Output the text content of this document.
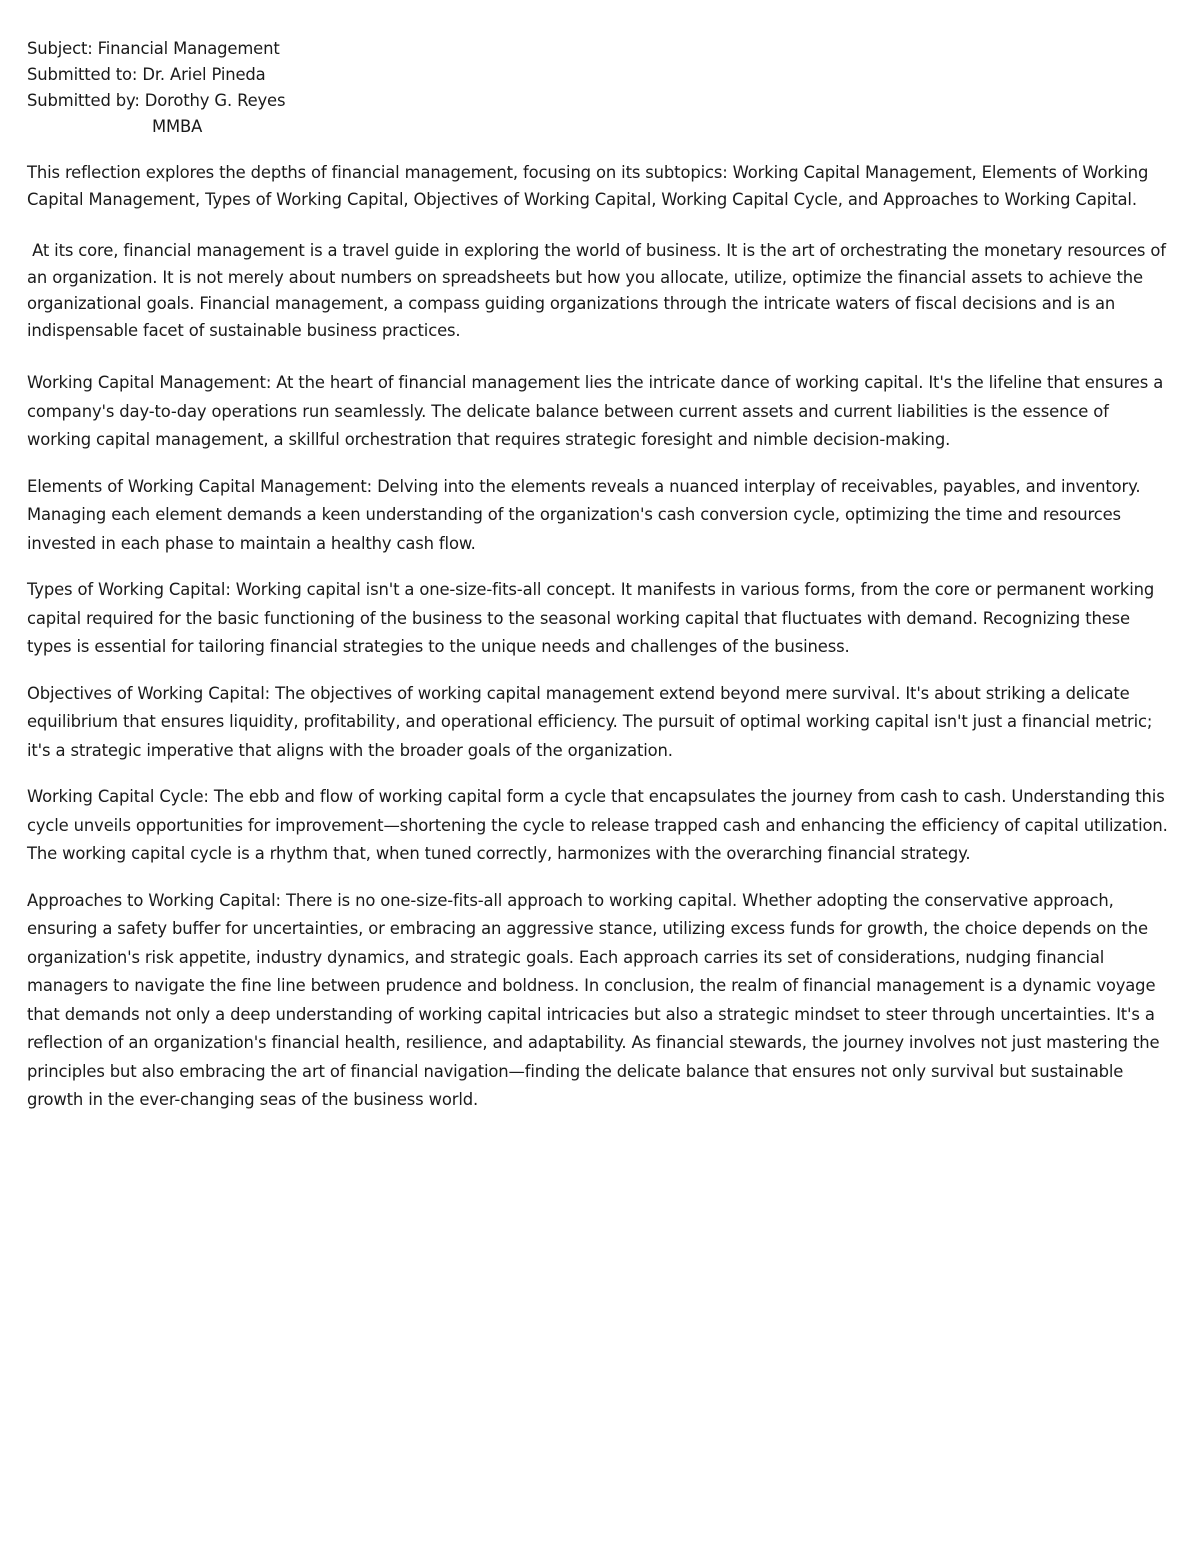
Subject: Financial Management

Submitted to: Dr. Ariel Pineda

Submitted by: Dorothy G. Reyes

MMBA

This reflection explores the depths of financial management, focusing on its subtopics: Working Capital Management, Elements of Working Capital Management, Types of Working Capital, Objectives of Working Capital, Working Capital Cycle, and Approaches to Working Capital.

At its core, financial management is a travel guide in exploring the world of business. It is the art of orchestrating the monetary resources of an organization. It is not merely about numbers on spreadsheets but how you allocate, utilize, optimize the financial assets to achieve the organizational goals. Financial management, a compass guiding organizations through the intricate waters of fiscal decisions and is an indispensable facet of sustainable business practices.

Working Capital Management: At the heart of financial management lies the intricate dance of working capital. It's the lifeline that ensures a company's day-to-day operations run seamlessly. The delicate balance between current assets and current liabilities is the essence of working capital management, a skillful orchestration that requires strategic foresight and nimble decision-making.

Elements of Working Capital Management: Delving into the elements reveals a nuanced interplay of receivables, payables, and inventory. Managing each element demands a keen understanding of the organization's cash conversion cycle, optimizing the time and resources invested in each phase to maintain a healthy cash flow.

Types of Working Capital: Working capital isn't a one-size-fits-all concept. It manifests in various forms, from the core or permanent working capital required for the basic functioning of the business to the seasonal working capital that fluctuates with demand. Recognizing these types is essential for tailoring financial strategies to the unique needs and challenges of the business.

Objectives of Working Capital: The objectives of working capital management extend beyond mere survival. It's about striking a delicate equilibrium that ensures liquidity, profitability, and operational efficiency. The pursuit of optimal working capital isn't just a financial metric; it's a strategic imperative that aligns with the broader goals of the organization.

Working Capital Cycle: The ebb and flow of working capital form a cycle that encapsulates the journey from cash to cash. Understanding this cycle unveils opportunities for improvement—shortening the cycle to release trapped cash and enhancing the efficiency of capital utilization. The working capital cycle is a rhythm that, when tuned correctly, harmonizes with the overarching financial strategy.

Approaches to Working Capital: There is no one-size-fits-all approach to working capital. Whether adopting the conservative approach, ensuring a safety buffer for uncertainties, or embracing an aggressive stance, utilizing excess funds for growth, the choice depends on the organization's risk appetite, industry dynamics, and strategic goals. Each approach carries its set of considerations, nudging financial managers to navigate the fine line between prudence and boldness. In conclusion, the realm of financial management is a dynamic voyage that demands not only a deep understanding of working capital intricacies but also a strategic mindset to steer through uncertainties. It's a reflection of an organization's financial health, resilience, and adaptability. As financial stewards, the journey involves not just mastering the principles but also embracing the art of financial navigation—finding the delicate balance that ensures not only survival but sustainable growth in the ever-changing seas of the business world.
